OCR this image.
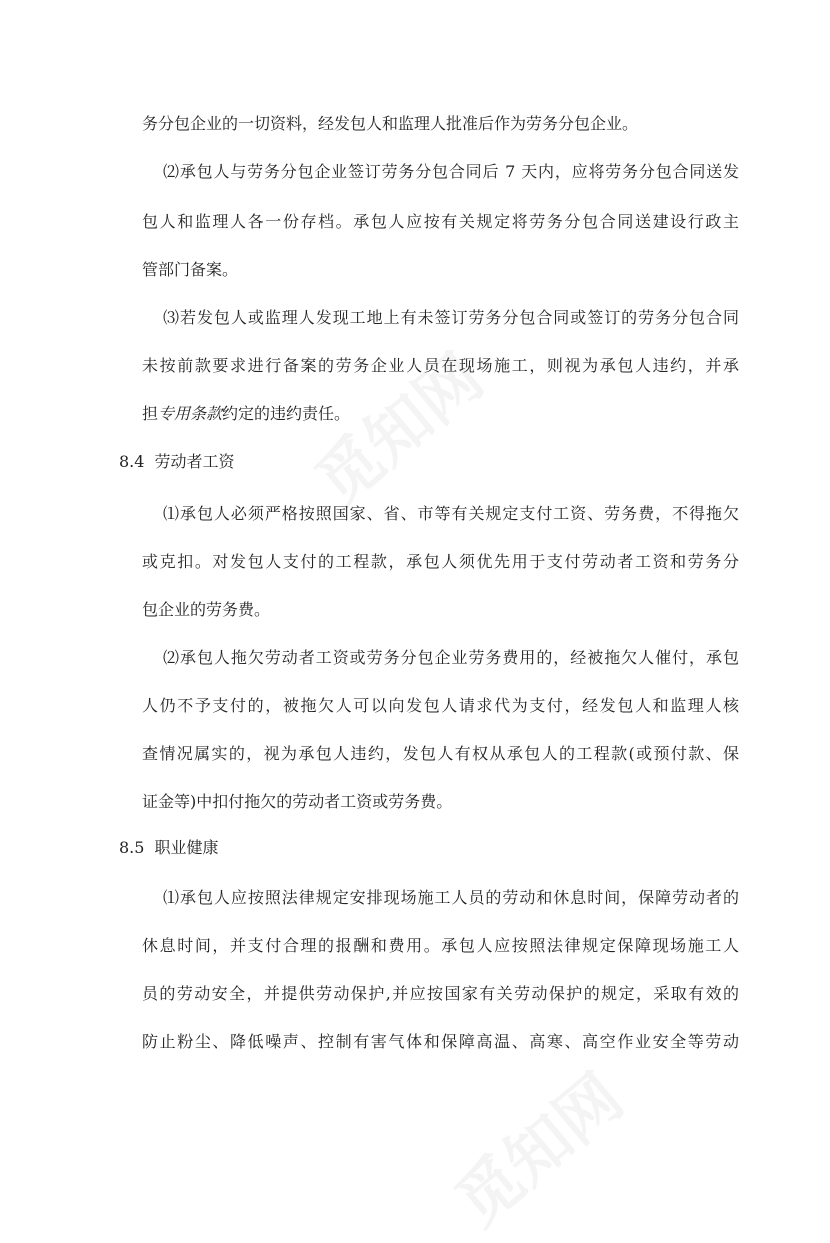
务分包企业的一切资料，经发包人和监理人批准后作为劳务分包企业。
⑵承包人与劳务分包企业签订劳务分包合同后 7 天内，应将劳务分包合同送发
包人和监理人各一份存档。承包人应按有关规定将劳务分包合同送建设行政主
管部门备案。
⑶若发包人或监理人发现工地上有未签订劳务分包合同或签订的劳务分包合同
未按前款要求进行备案的劳务企业人员在现场施工，则视为承包人违约，并承
担专用条款约定的违约责任。
8.4 劳动者工资
⑴承包人必须严格按照国家、省、市等有关规定支付工资、劳务费，不得拖欠
或克扣。对发包人支付的工程款，承包人须优先用于支付劳动者工资和劳务分
包企业的劳务费。
⑵承包人拖欠劳动者工资或劳务分包企业劳务费用的，经被拖欠人催付，承包
人仍不予支付的，被拖欠人可以向发包人请求代为支付，经发包人和监理人核
查情况属实的，视为承包人违约，发包人有权从承包人的工程款(或预付款、保
证金等)中扣付拖欠的劳动者工资或劳务费。
8.5 职业健康
⑴承包人应按照法律规定安排现场施工人员的劳动和休息时间，保障劳动者的
休息时间，并支付合理的报酬和费用。承包人应按照法律规定保障现场施工人
员的劳动安全，并提供劳动保护,并应按国家有关劳动保护的规定，采取有效的
防止粉尘、降低噪声、控制有害气体和保障高温、高寒、高空作业安全等劳动
